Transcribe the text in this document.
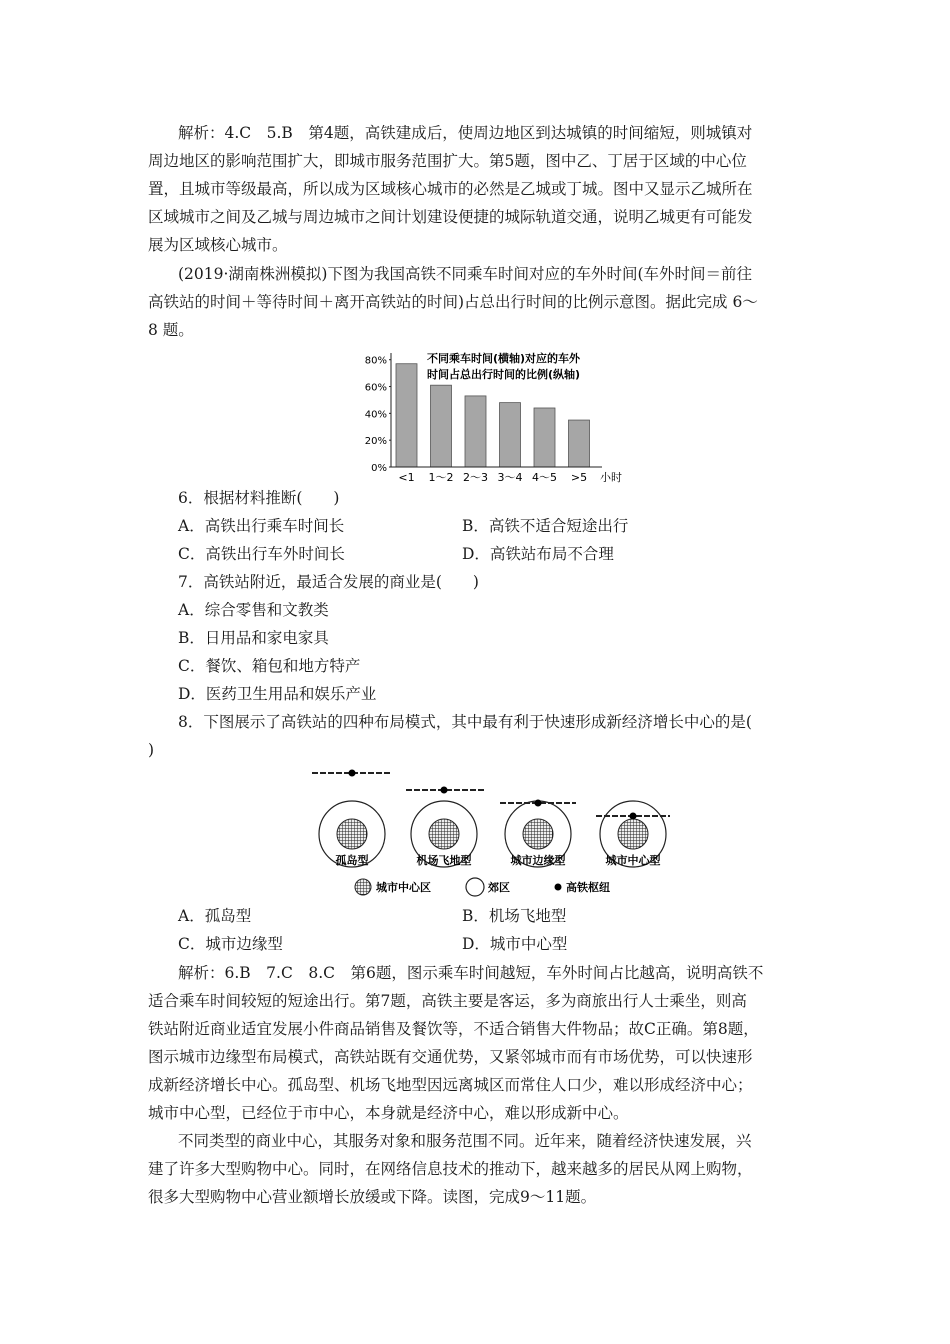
解析：4.C　5.B　第4题，高铁建成后，使周边地区到达城镇的时间缩短，则城镇对
周边地区的影响范围扩大，即城市服务范围扩大。第5题，图中乙、丁居于区域的中心位
置，且城市等级最高，所以成为区域核心城市的必然是乙城或丁城。图中又显示乙城所在
区域城市之间及乙城与周边城市之间计划建设便捷的城际轨道交通，说明乙城更有可能发
展为区域核心城市。
(2019·湖南株洲模拟)下图为我国高铁不同乘车时间对应的车外时间(车外时间＝前往
高铁站的时间＋等待时间＋离开高铁站的时间)占总出行时间的比例示意图。据此完成 6～
8 题。
80%
60%
40%
20%
0%
<1 1～2 2～3 3～4 4～5 >5
不同乘车时间(横轴)对应的车外
时间占总出行时间的比例(纵轴)
小时
6．根据材料推断(　　)
A．高铁出行乘车时间长	B．高铁不适合短途出行
C．高铁出行车外时间长	D．高铁站布局不合理
7．高铁站附近，最适合发展的商业是(　　)
A．综合零售和文教类
B．日用品和家电家具
C．餐饮、箱包和地方特产
D．医药卫生用品和娱乐产业
8．下图展示了高铁站的四种布局模式，其中最有利于快速形成新经济增长中心的是(
)
孤岛型	机场飞地型	城市边缘型	城市中心型
城市中心区	郊区	高铁枢纽
A．孤岛型	B．机场飞地型
C．城市边缘型	D．城市中心型
解析：6.B　7.C　8.C　第6题，图示乘车时间越短，车外时间占比越高，说明高铁不
适合乘车时间较短的短途出行。第7题，高铁主要是客运，多为商旅出行人士乘坐，则高
铁站附近商业适宜发展小件商品销售及餐饮等，不适合销售大件物品；故C正确。第8题，
图示城市边缘型布局模式，高铁站既有交通优势，又紧邻城市而有市场优势，可以快速形
成新经济增长中心。孤岛型、机场飞地型因远离城区而常住人口少，难以形成经济中心；
城市中心型，已经位于市中心，本身就是经济中心，难以形成新中心。
不同类型的商业中心，其服务对象和服务范围不同。近年来，随着经济快速发展，兴
建了许多大型购物中心。同时，在网络信息技术的推动下，越来越多的居民从网上购物，
很多大型购物中心营业额增长放缓或下降。读图，完成9～11题。
